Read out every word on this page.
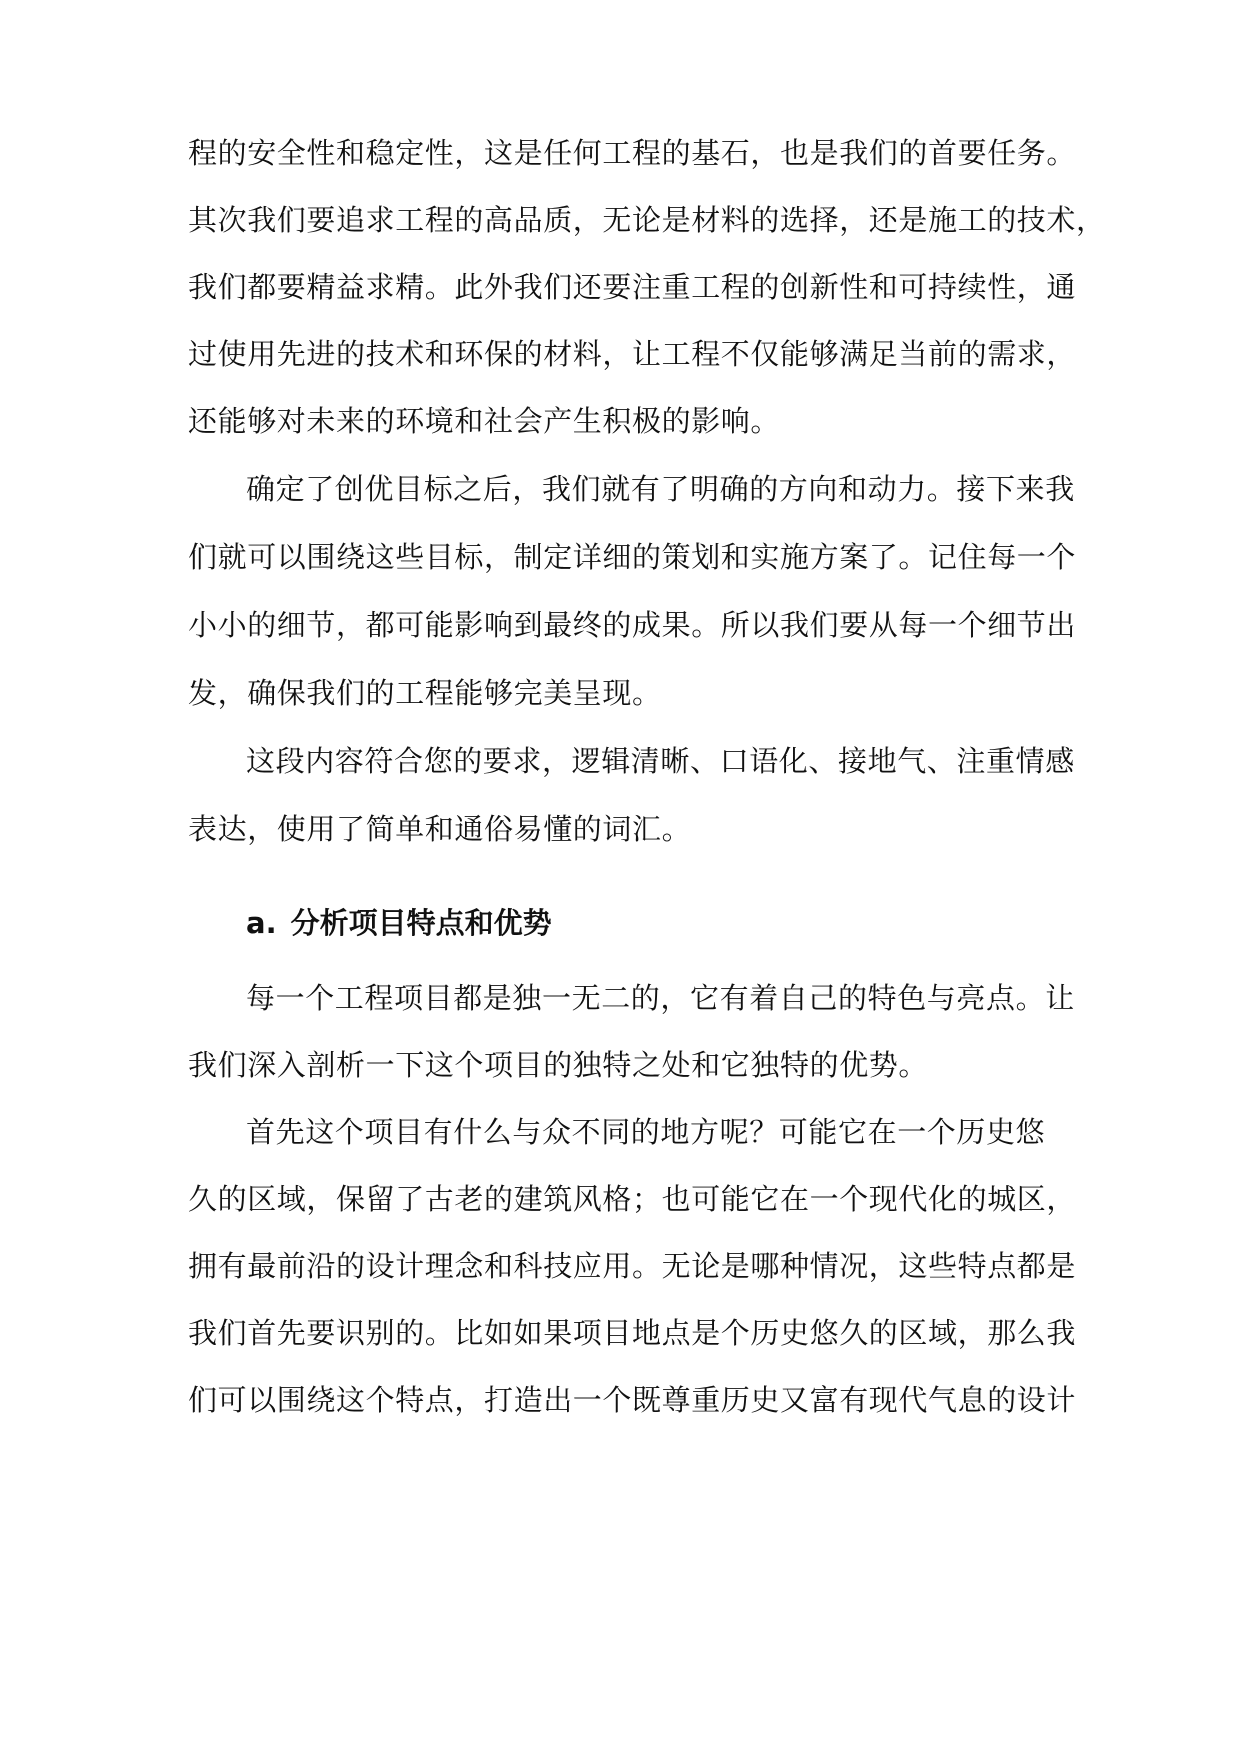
程的安全性和稳定性，这是任何工程的基石，也是我们的首要任务。
其次我们要追求工程的高品质，无论是材料的选择，还是施工的技术，
我们都要精益求精。此外我们还要注重工程的创新性和可持续性，通
过使用先进的技术和环保的材料，让工程不仅能够满足当前的需求，
还能够对未来的环境和社会产生积极的影响。
确定了创优目标之后，我们就有了明确的方向和动力。接下来我
们就可以围绕这些目标，制定详细的策划和实施方案了。记住每一个
小小的细节，都可能影响到最终的成果。所以我们要从每一个细节出
发，确保我们的工程能够完美呈现。
这段内容符合您的要求，逻辑清晰、口语化、接地气、注重情感
表达，使用了简单和通俗易懂的词汇。
a. 分析项目特点和优势
每一个工程项目都是独一无二的，它有着自己的特色与亮点。让
我们深入剖析一下这个项目的独特之处和它独特的优势。
首先这个项目有什么与众不同的地方呢？可能它在一个历史悠
久的区域，保留了古老的建筑风格；也可能它在一个现代化的城区，
拥有最前沿的设计理念和科技应用。无论是哪种情况，这些特点都是
我们首先要识别的。比如如果项目地点是个历史悠久的区域，那么我
们可以围绕这个特点，打造出一个既尊重历史又富有现代气息的设计
